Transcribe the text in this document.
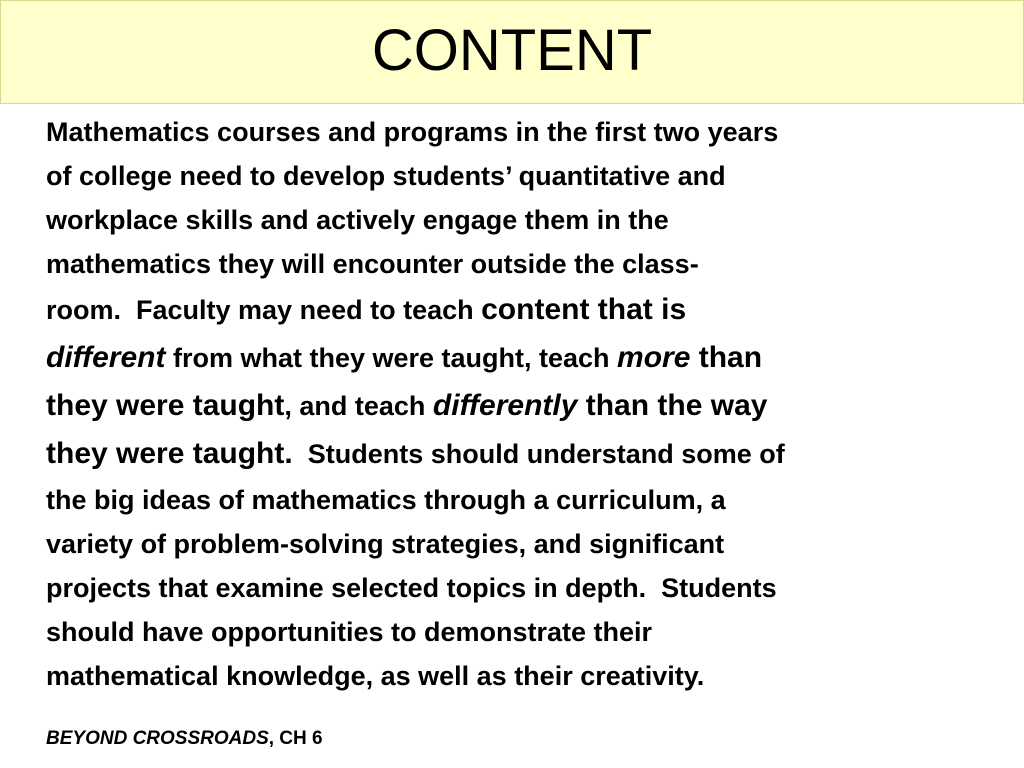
CONTENT
Mathematics courses and programs in the first two years
of college need to develop students’ quantitative and
workplace skills and actively engage them in the
mathematics they will encounter outside the class-
room.  Faculty may need to teach content that is
different from what they were taught, teach more than
they were taught, and teach differently than the way
they were taught.  Students should understand some of
the big ideas of mathematics through a curriculum, a
variety of problem-solving strategies, and significant
projects that examine selected topics in depth.  Students
should have opportunities to demonstrate their
mathematical knowledge, as well as their creativity.
BEYOND CROSSROADS, CH 6
